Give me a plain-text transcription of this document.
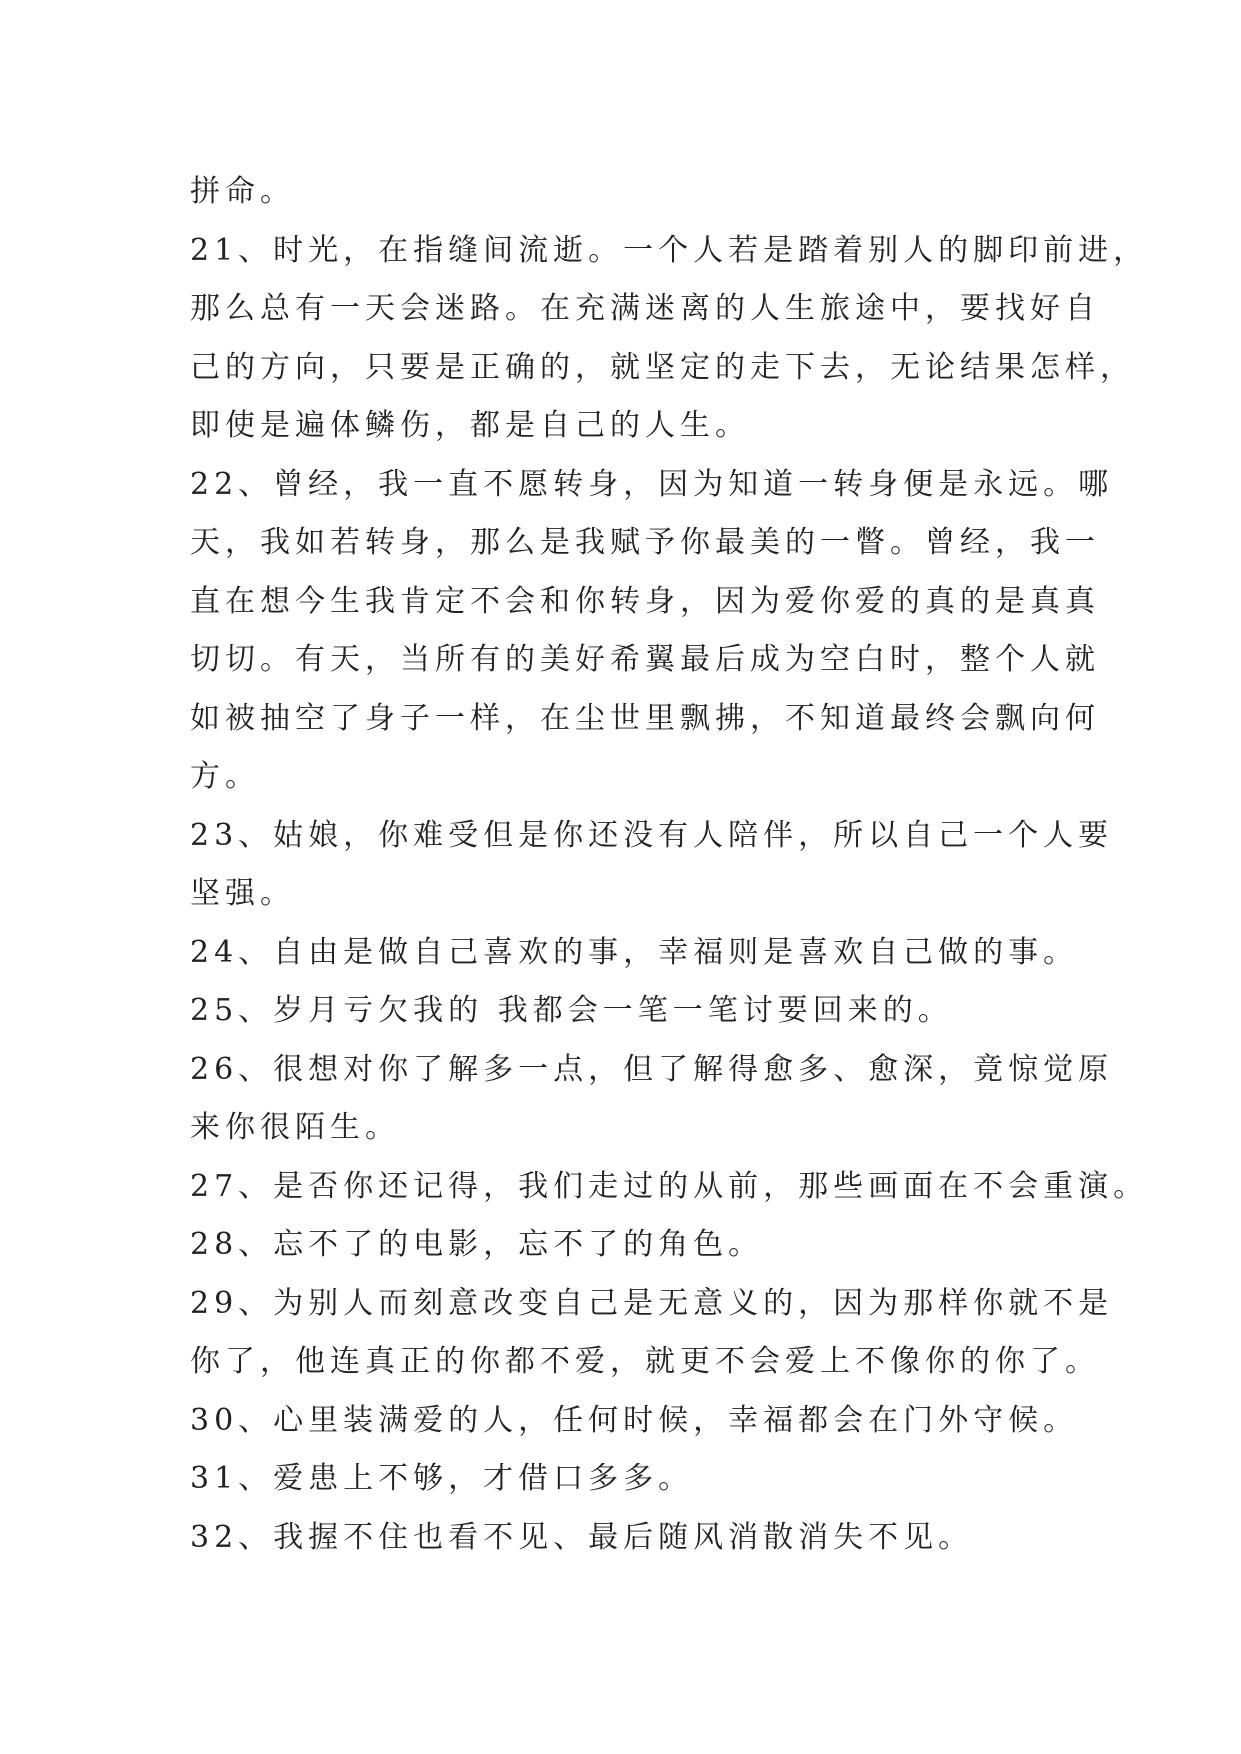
拼命。
21、时光，在指缝间流逝。一个人若是踏着别人的脚印前进，
那么总有一天会迷路。在充满迷离的人生旅途中，要找好自
己的方向，只要是正确的，就坚定的走下去，无论结果怎样，
即使是遍体鳞伤，都是自己的人生。
22、曾经，我一直不愿转身，因为知道一转身便是永远。哪
天，我如若转身，那么是我赋予你最美的一瞥。曾经，我一
直在想今生我肯定不会和你转身，因为爱你爱的真的是真真
切切。有天，当所有的美好希翼最后成为空白时，整个人就
如被抽空了身子一样，在尘世里飘拂，不知道最终会飘向何
方。
23、姑娘，你难受但是你还没有人陪伴，所以自己一个人要
坚强。
24、自由是做自己喜欢的事，幸福则是喜欢自己做的事。
25、岁月亏欠我的 我都会一笔一笔讨要回来的。
26、很想对你了解多一点，但了解得愈多、愈深，竟惊觉原
来你很陌生。
27、是否你还记得，我们走过的从前，那些画面在不会重演。
28、忘不了的电影，忘不了的角色。
29、为别人而刻意改变自己是无意义的，因为那样你就不是
你了，他连真正的你都不爱，就更不会爱上不像你的你了。
30、心里装满爱的人，任何时候，幸福都会在门外守候。
31、爱患上不够，才借口多多。
32、我握不住也看不见、最后随风消散消失不见。
